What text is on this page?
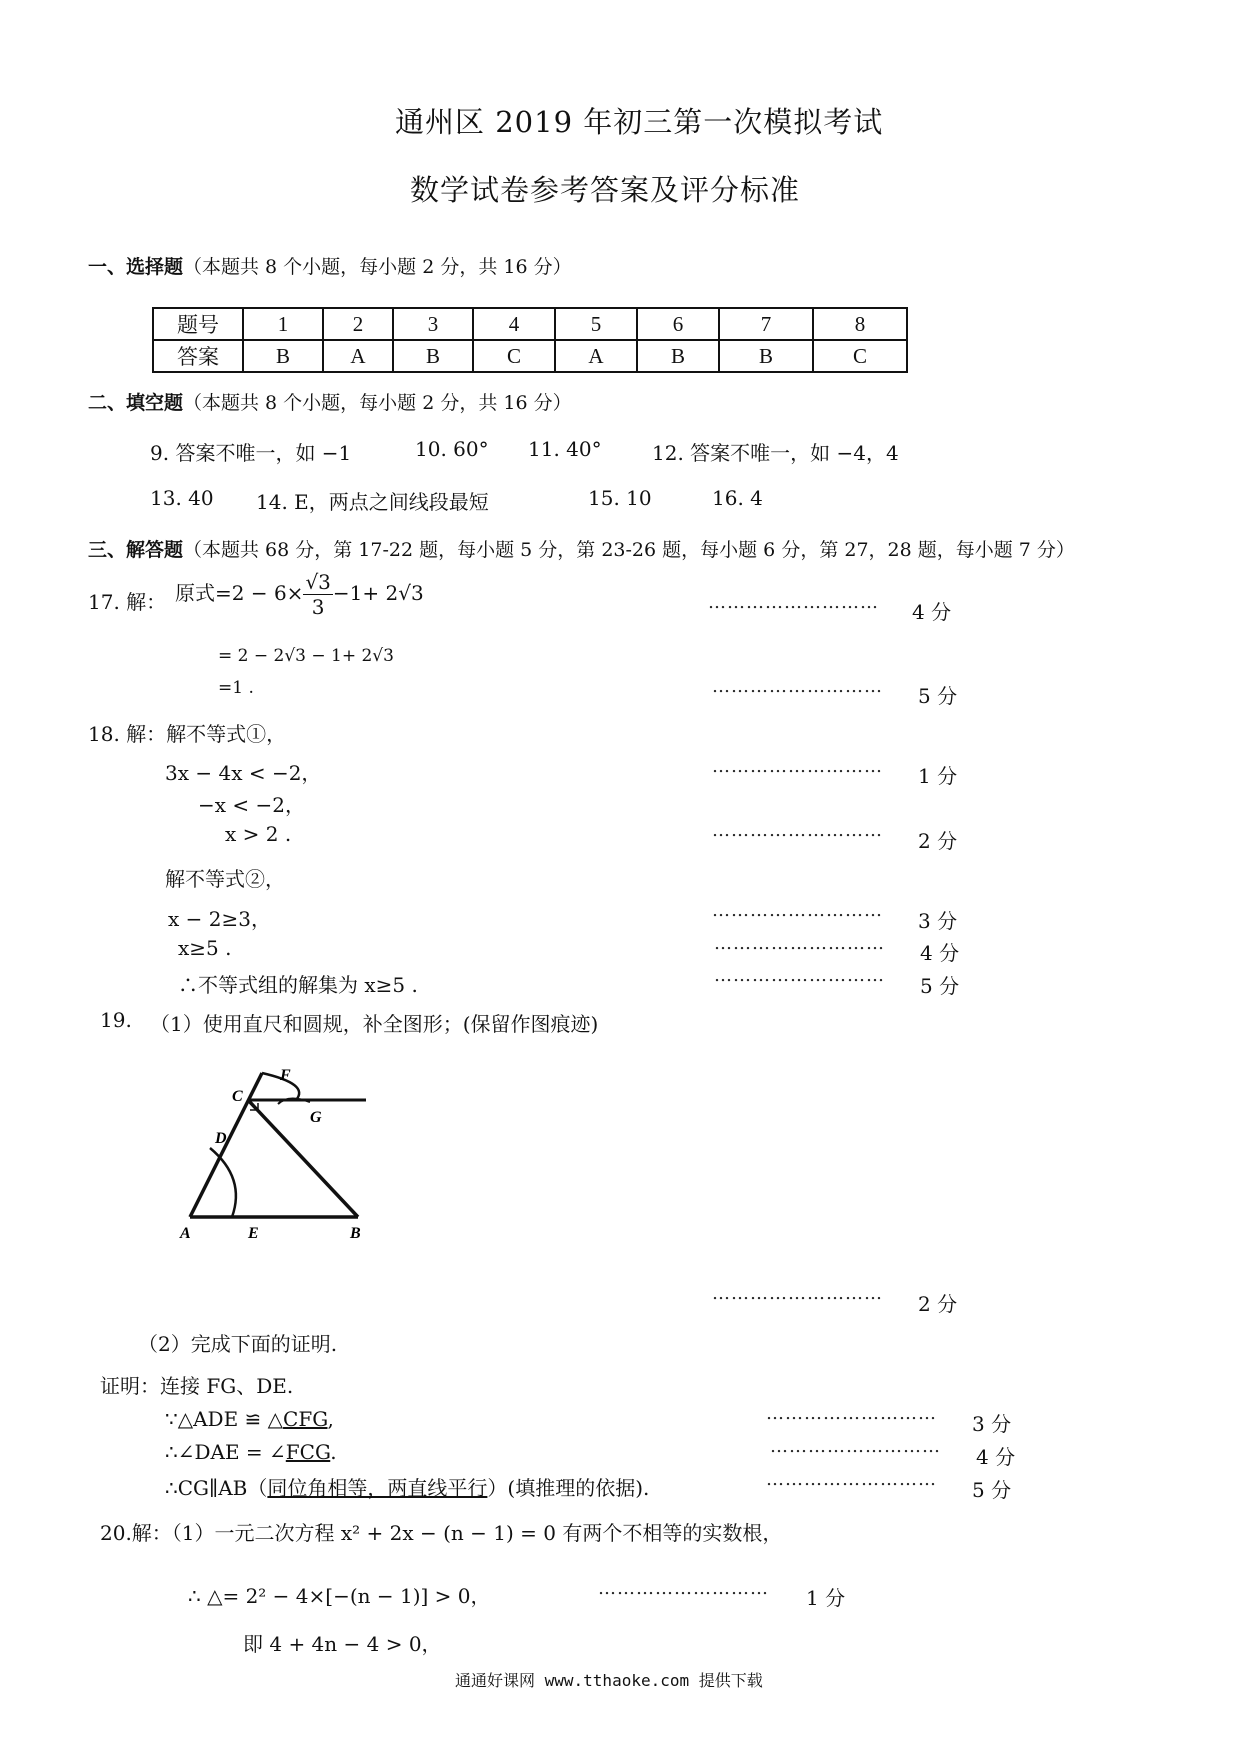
通州区 2019 年初三第一次模拟考试
数学试卷参考答案及评分标准
一、选择题（本题共 8 个小题，每小题 2 分，共 16 分）
题号	1	2	3	4	5	6	7	8
答案	B	A	B	C	A	B	B	C
二、填空题（本题共 8 个小题，每小题 2 分，共 16 分）
9. 答案不唯一，如 −1	10. 60° 11. 40°	12. 答案不唯一，如 −4，4
13. 40 14. E，两点之间线段最短	15. 10	16. 4
三、解答题（本题共 68 分，第 17-22 题，每小题 5 分，第 23-26 题，每小题 6 分，第 27，28 题，每小题 7 分）
17. 解： 原式$=2 - 6\times \frac{√3}{3} -1+ 2√3$
= 2 − 2√3 − 1+ 2√3
=1 .
……………………… 4 分
……………………… 5 分
18. 解：解不等式①，
3x − 4x < −2，
−x < −2，
x > 2 .
解不等式②，
x − 2≥3，
x≥5 .
∴不等式组的解集为 x≥5 .
……………………… 1 分
……………………… 2 分
……………………… 3 分
……………………… 4 分
……………………… 5 分
19. （1）使用直尺和圆规，补全图形；(保留作图痕迹)
A	B
C
D
E
F
G
……………………… 2 分
（2）完成下面的证明.
证明：连接 FG、DE.
∵△ADE ≌ △CFG,
∴∠DAE = ∠FCG.
∴CG∥AB（同位角相等，两直线平行）(填推理的依据).
……………………… 3 分
……………………… 4 分
……………………… 5 分
20.解：（1）一元二次方程 x² + 2x − (n − 1) = 0 有两个不相等的实数根，
∴ △= 2² − 4×[−(n − 1)] > 0，
即 4 + 4n − 4 > 0，
……………………… 1 分
通通好课网 www.tthaoke.com 提供下载
